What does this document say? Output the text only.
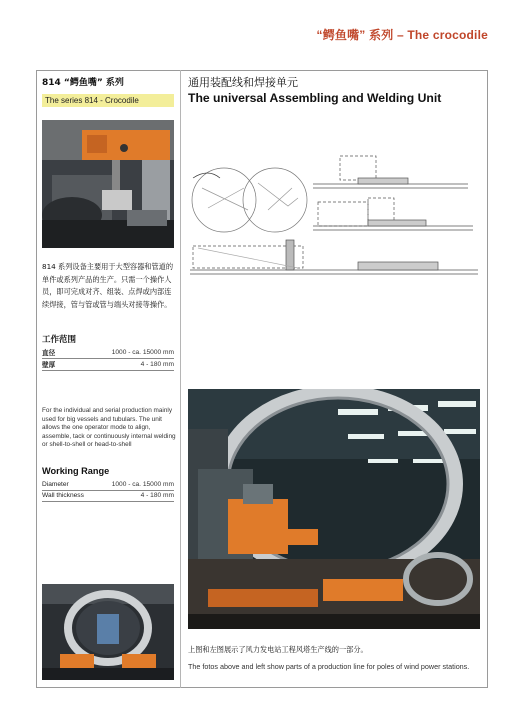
“鳄鱼嘴” 系列 – The crocodile
814 “鳄鱼嘴” 系列
The series 814 - Crocodile
814 系列设备主要用于大型容器和管道的单件或系列产品的生产。只需一个操作人员，即可完成对齐、组装、点焊或内部连续焊接，管与管或管与端头对接等操作。
工作范围
直径	1000 - ca. 15000 mm
壁厚	4 - 180 mm
For the individual and serial production mainly used for big vessels and tubulars. The unit allows the one operator mode to align, assemble, tack or continuously internal welding or shell-to-shell or head-to-shell
Working Range
Diameter	1000 - ca. 15000 mm
Wall thickness	4 - 180 mm
通用装配线和焊接单元
The universal Assembling and Welding Unit
上图和左图展示了风力发电站工程风塔生产线的一部分。
The fotos above and left show parts of a production line for poles of wind power stations.
